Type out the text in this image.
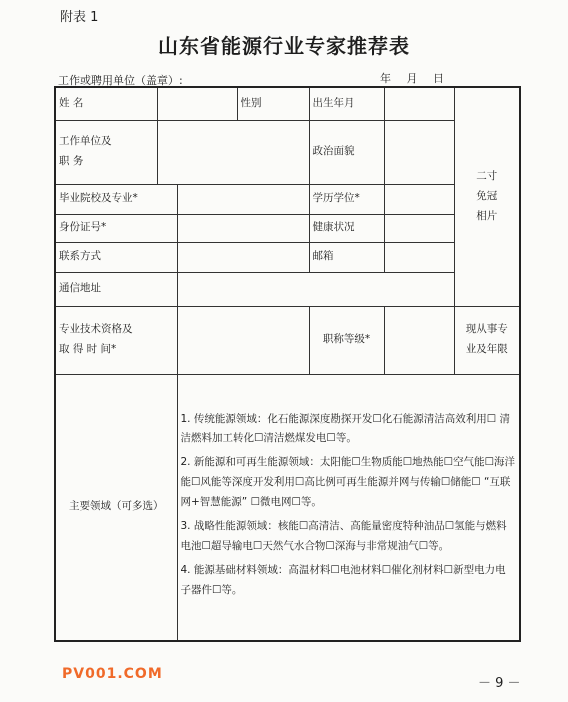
附表 1
山东省能源行业专家推荐表
工作或聘用单位（盖章）:	年 月 日
姓 名			性别	出生年月		二寸
免冠
相片

工作单位及
职 务				政治面貌		
毕业院校及专业*				学历学位*		
身份证号*				健康状况		
联系方式				邮箱		
通信地址						

专业技术资格及
取 得 时 间*				职称等级*		现从事专
业及年限

主要领域（可多选）		1. 传统能源领域：化石能源深度勘探开发☐化石能源清洁高效利用☐ 清洁燃料加工转化☐清洁燃煤发电☐等。

2. 新能源和可再生能源领域：太阳能☐生物质能☐地热能☐空气能☐海洋能☐风能等深度开发利用☐高比例可再生能源并网与传输☐储能☐ “互联网+智慧能源” ☐微电网☐等。

3. 战略性能源领域：核能☐高清洁、高能量密度特种油品☐氢能与燃料电池☐超导输电☐天然气水合物☐深海与非常规油气☐等。

4. 能源基础材料领域：高温材料☐电池材料☐催化剂材料☐新型电力电子器件☐等。				

PV001.COM
－ 9 －
